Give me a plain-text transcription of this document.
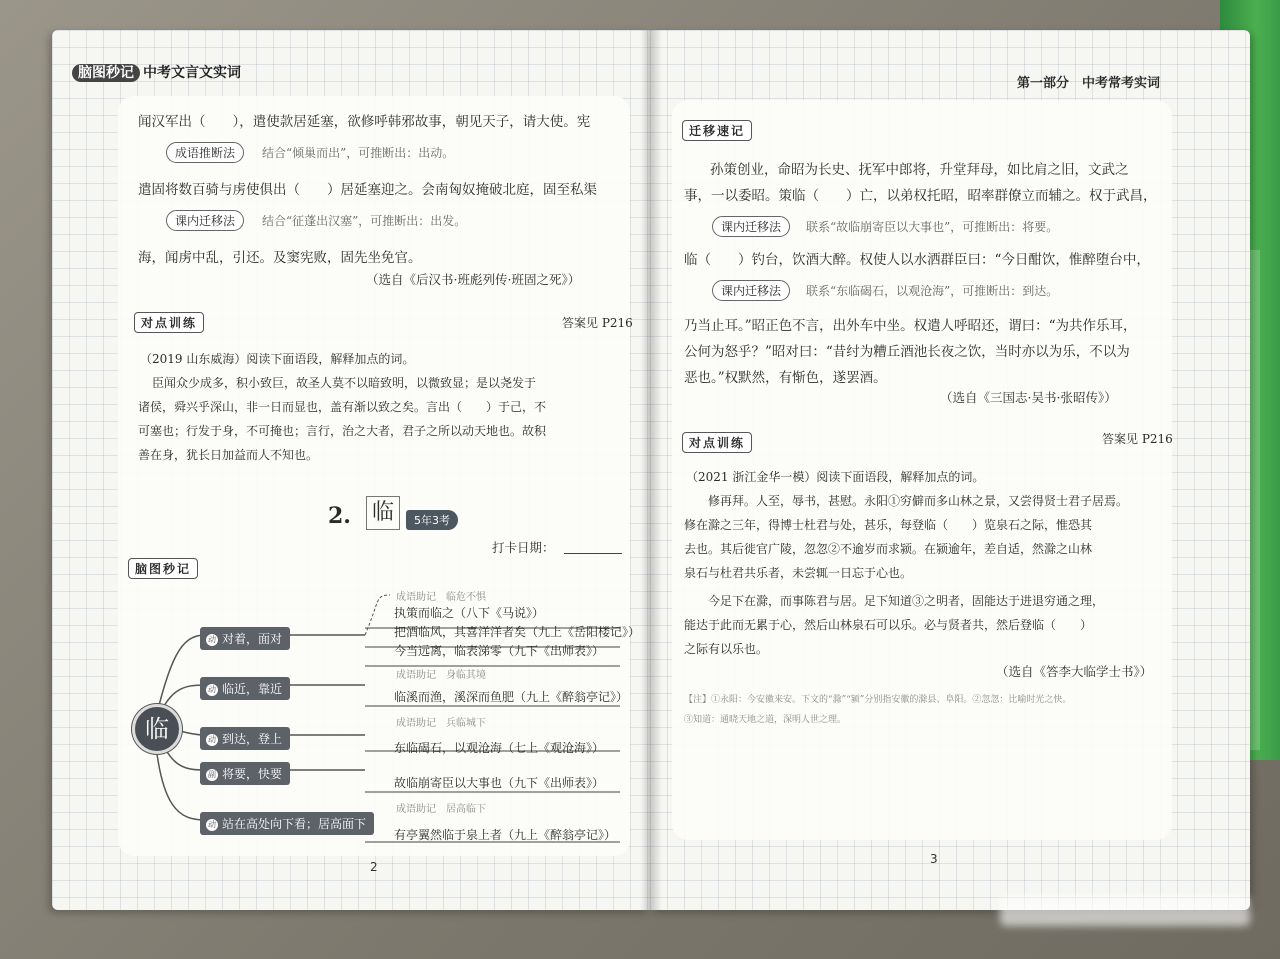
脑图秒记 中考文言文实词
闻汉军出（　　），遣使款居延塞，欲修呼韩邪故事，朝见天子，请大使。宪
成语推断法	结合“倾巢而出”，可推断出：出动。
遣固将数百骑与虏使俱出（　　）居延塞迎之。会南匈奴掩破北庭，固至私渠
课内迁移法	结合“征蓬出汉塞”，可推断出：出发。
海，闻虏中乱，引还。及窦宪败，固先坐免官。
（选自《后汉书·班彪列传·班固之死》）
对点训练	答案见 P216
（2019 山东威海）阅读下面语段，解释加点的词。
臣闻众少成多，积小致巨，故圣人莫不以暗致明，以微致显；是以尧发于
诸侯，舜兴乎深山，非一日而显也，盖有渐以致之矣。言出（　　）于己，不
可塞也；行发于身，不可掩也；言行，治之大者，君子之所以动天地也。故积
善在身，犹长日加益而人不知也。
2. 临	5年3考
打卡日期：
脑图秒记
临
动 对着，面对
动 临近，靠近
动 到达，登上
副 将要，快要
动 站在高处向下看；居高面下
成语助记　临危不惧
执策而临之（八下《马说》）
把酒临风，其喜洋洋者矣（九上《岳阳楼记》）
今当远离，临表涕零（九下《出师表》）
成语助记　身临其境
临溪而渔，溪深而鱼肥（九上《醉翁亭记》）
成语助记　兵临城下
东临碣石，以观沧海（七上《观沧海》）
故临崩寄臣以大事也（九下《出师表》）
成语助记　居高临下
有亭翼然临于泉上者（九上《醉翁亭记》）
2
第一部分　中考常考实词
迁移速记
孙策创业，命昭为长史、抚军中郎将，升堂拜母，如比肩之旧，文武之
事，一以委昭。策临（　　）亡，以弟权托昭，昭率群僚立而辅之。权于武昌，
课内迁移法	联系“故临崩寄臣以大事也”，可推断出：将要。
临（　　）钓台，饮酒大醉。权使人以水洒群臣曰：“今日酣饮，惟醉堕台中，
课内迁移法	联系“东临碣石，以观沧海”，可推断出：到达。
乃当止耳。”昭正色不言，出外车中坐。权遣人呼昭还，谓曰：“为共作乐耳，
公何为怒乎？”昭对曰：“昔纣为糟丘酒池长夜之饮，当时亦以为乐，不以为
恶也。”权默然，有惭色，遂罢酒。
（选自《三国志·吴书·张昭传》）
对点训练	答案见 P216
（2021 浙江金华一模）阅读下面语段，解释加点的词。
修再拜。人至，辱书，甚慰。永阳①穷僻而多山林之景，又尝得贤士君子居焉。
修在滁之三年，得博士杜君与处，甚乐，每登临（　　）览泉石之际，惟恐其
去也。其后徙官广陵，忽忽②不逾岁而求颍。在颍逾年，差自适，然滁之山林
泉石与杜君共乐者，未尝辄一日忘于心也。
今足下在滁，而事陈君与居。足下知道③之明者，固能达于进退穷通之理，
能达于此而无累于心，然后山林泉石可以乐。必与贤者共，然后登临（　　）
之际有以乐也。
（选自《答李大临学士书》）
【注】①永阳：今安徽来安。下文的“滁”“颍”分别指安徽的滁县、阜阳。②忽忽：比喻时光之快。
③知道：通晓天地之道，深明人世之理。
3
